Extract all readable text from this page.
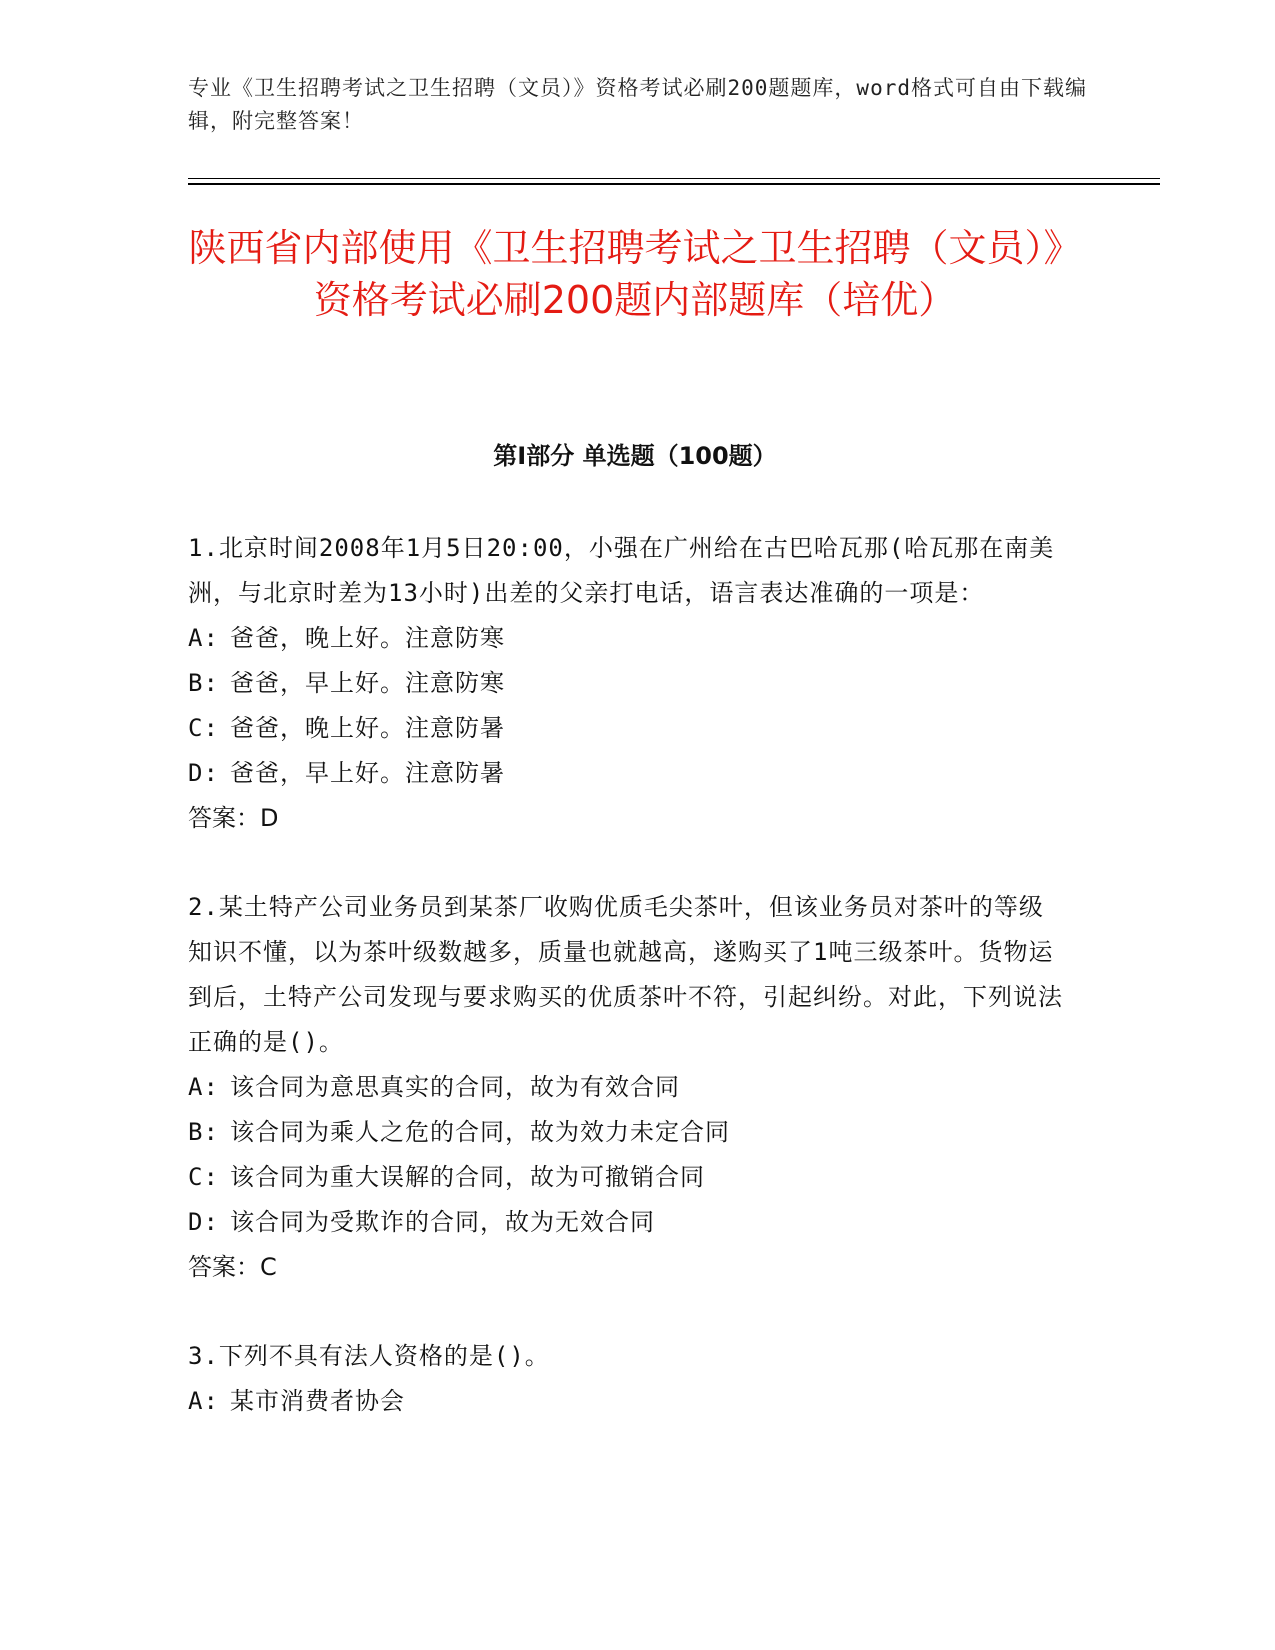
专业《卫生招聘考试之卫生招聘（文员）》资格考试必刷200题题库，word格式可自由下载编辑，附完整答案！
陕西省内部使用《卫生招聘考试之卫生招聘（文员）》资格考试必刷200题内部题库（培优）
第Ⅰ部分 单选题（100题）
1.北京时间2008年1月5日20:00，小强在广州给在古巴哈瓦那(哈瓦那在南美洲，与北京时差为13小时)出差的父亲打电话，语言表达准确的一项是：
A: 爸爸，晚上好。注意防寒
B: 爸爸，早上好。注意防寒
C: 爸爸，晚上好。注意防暑
D: 爸爸，早上好。注意防暑
答案：D
2.某土特产公司业务员到某茶厂收购优质毛尖茶叶，但该业务员对茶叶的等级知识不懂，以为茶叶级数越多，质量也就越高，遂购买了1吨三级茶叶。货物运到后，土特产公司发现与要求购买的优质茶叶不符，引起纠纷。对此，下列说法正确的是()。
A: 该合同为意思真实的合同，故为有效合同
B: 该合同为乘人之危的合同，故为效力未定合同
C: 该合同为重大误解的合同，故为可撤销合同
D: 该合同为受欺诈的合同，故为无效合同
答案：C
3.下列不具有法人资格的是()。
A: 某市消费者协会
